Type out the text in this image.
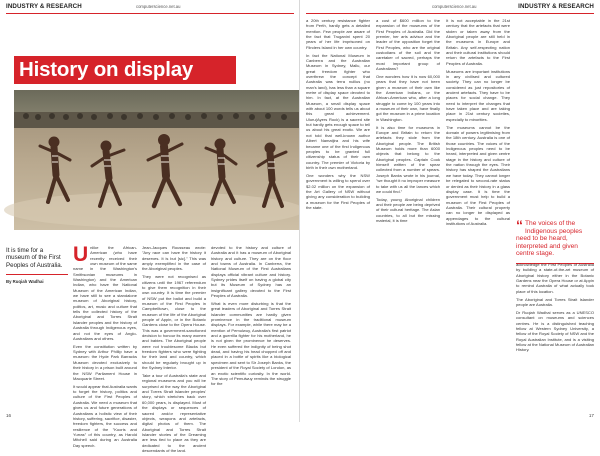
INDUSTRY & RESEARCH	computerscience.net.au
History on display
It is time for a museum of the First Peoples of Australia.
By Ruqiah Wadhai

Unlike the African-American (who have recently received their own museum of the same name in the Washington's Smithsonian museums in Washington) and the American Indian, who have the National Museum of the American Indian, we have still to see a standalone museum of Aboriginal history, politics, art, music and culture that tells the collected history of the Aboriginal and Torres Strait Islander peoples and the history of Australia through Indigenous eyes, and not the eyes of Anglo-Australians and others.

Even the constitution written by Sydney with Arthur Phillip have a museum: the Hyde Park Barracks Museum devoted exclusively to their history in a prison built around the NSW Parliament House in Macquarie Street.

It would appear that Australia wants to forget the history, politics and culture of the First Peoples of Australia. We need a museum that gives us and future generations of Australians a holistic view of their history, suffering, sacrifice, disaster, freedom fighters, the success and resilience of the "Kooris and Yurras" of this country, as Harold Mitchell said during an Australia Day speech.

Jean-Jacques Rousseau wrote: "Any race can have the history it deserves. It is but [sic]." This was amply exemplified in the case of the Aboriginal peoples.

They were not recognised as citizens until the 1967 referendum to give them recognition in their own country. It is time the premier of NSW put the ballot and build a museum of the First Peoples in Campbelltown, close to the museum of the life of the Aboriginal people of Appin, or in the Botanic Gardens close to the Opera House. This was a government-sanctioned decision to honour its many women and babies. The Aboriginal people were not troublesome Blacks but freedom fighters who were fighting for their land and country, which should be regularly brought up in the Sydney Interior.

Take a tour of Australia's state and regional museums and you will be surprised at the way the Aboriginal and Torres Strait Islander peoples' story, which stretches back over 60,000 years, is displayed. Most of the displays or sequences of sacred and/or representative objects, weapons and artefacts, digital photos of them. The Aboriginal and Torres Strait Islander stories of the Dreaming are less tied to place as they are dedicated to the ancient descendants of the land.

devoted to the history and culture of Australia and it has a museum of Aboriginal history and culture. They are on the floor and towns of Australia. In Canberra, the National Museum of the First Australians displays official vibrant culture and history. Sydney prides itself on having a global city but its Museum of Sydney has an insignificant gallery devoted to the First Peoples of Australia.

What is even more disturbing is that the great leaders of Aboriginal and Torres Strait Islander communities are hardly given prominence in the traditional museum displays. For example, while there may be a mention of Pemulwuy, Australia's first patriot and a guerrilla fighter for his motherland, he is not given the prominence he deserves. He even suffered the indignity of being shot dead, and having his head chopped off and placed in a bottle of spirits like a biological specimen and sent to Sir Joseph Banks, the president of the Royal Society of London, as an exotic scientific curiosity. In the world. The story of Pemulwuy reminds the struggle for the

16
computerscience.net.au	INDUSTRY & RESEARCH

a 20th century resistance fighter from Perth, hardly gets a detailed mention. Few people are aware of the fact that Truganini spent 20 years of her life imprisoned on Flinders Island in her own country.

In fact the National Museum in Canberra and the Australian Museum in Sydney, Mallu, our great freedom fighter who overthrew the concept that Australia was terra nullius (no man's land), has less than a square metre of display space devoted to him. In fact, at the Australian Museum, a small display space with about 100 words tells us about this great achievement. Uluru(Ayers Rock) is a sacred site but hardly gets enough space to tell us about his great exotic. We are not told that well-known author Albert Namatjira and his wife became one of the first Indigenous peoples to be granted full citizenship status of their own country. The premier of Victoria by birth in their own motherland.

One wonders why the NSW government is willing to spend over $2.02 million on the expansion of the Art Gallery of NSW without giving any consideration to building a museum for the First Peoples of the state.

a cost of $600 million to the expansion of the museums of the First Peoples of Australia. Did the premier, her arts advisor and the leader of the opposition forget the First Peoples, who are the original custodians of the soil and the caretaker of sacred, perhaps the most important group of Australians?

One wonders how it is now 60,000 years that they have not been given a museum of their own like the American Indians, or the African-American who, after a long struggle to come by 100 years into a museum of their own, have finally got the museum in a prime location in Washington.

It is also time for museums in Europe and Britain to return the artefacts they stole from the Aboriginal people. The British Museum holds more than 6000 objects that belong to the Aboriginal peoples. Captain Cook himself written of the spear collected from a number of spears. Joseph Banks wrote in his journal, "we thought it no improper measure to take with us all the lances which we could find."

Today, young Aboriginal children and their people are being deprived of their cultural heritage. The Asian countries, to all but the missing material, it is time

It is not acceptable in the 21st century that the artefacts that were stolen or taken away from the Aboriginal people are still held in the museums in Europe and Britain. Any self-respecting nation and their cultural institutions should return the artefacts to the First Peoples of Australia.

Museums are important institutions in any civilised and cultured society. They can no longer be considered as just repositories of ancient artefacts. They have to be places for social change. They need to interpret the changes that have taken place and are taking place in 21st century societies, especially to minorities.

The museums cannot be the domain of powers legitimising from the 18th century. Australia is one of those countries. The voices of the Indigenous peoples need to be heard, interpreted and given centre stage in the history and culture of the nation through the eyes. Their history has shaped the Australians we have today. They cannot longer be relegated to second-rate status or denied as their history in a glass display case. It is time the government must help to build a museum of the First Peoples of Australia. Their cultural property can no longer be displayed as appendages to the cultural institutions of Australia.	“ The voices of the Indigenous peoples need to be heard, interpreted and given centre stage.

acknowledge the First Peoples of Australia by building a state-of-the-art museum of Aboriginal history either in the Botanic Gardens near the Opera House or at Appin to remind Australia of what actually took place of this location.

The Aboriginal and Torres Strait Islander people are Australia.

Dr Ruqiah Wadhai serves as a UNESCO consultant on museums and sciences centres. He is a distinguished teaching fellow at Western Sydney University, a fellow of the Royal Society of NSW and the Royal Australian Institute, and is a visiting fellow at the National Museum of Australian History.

17
